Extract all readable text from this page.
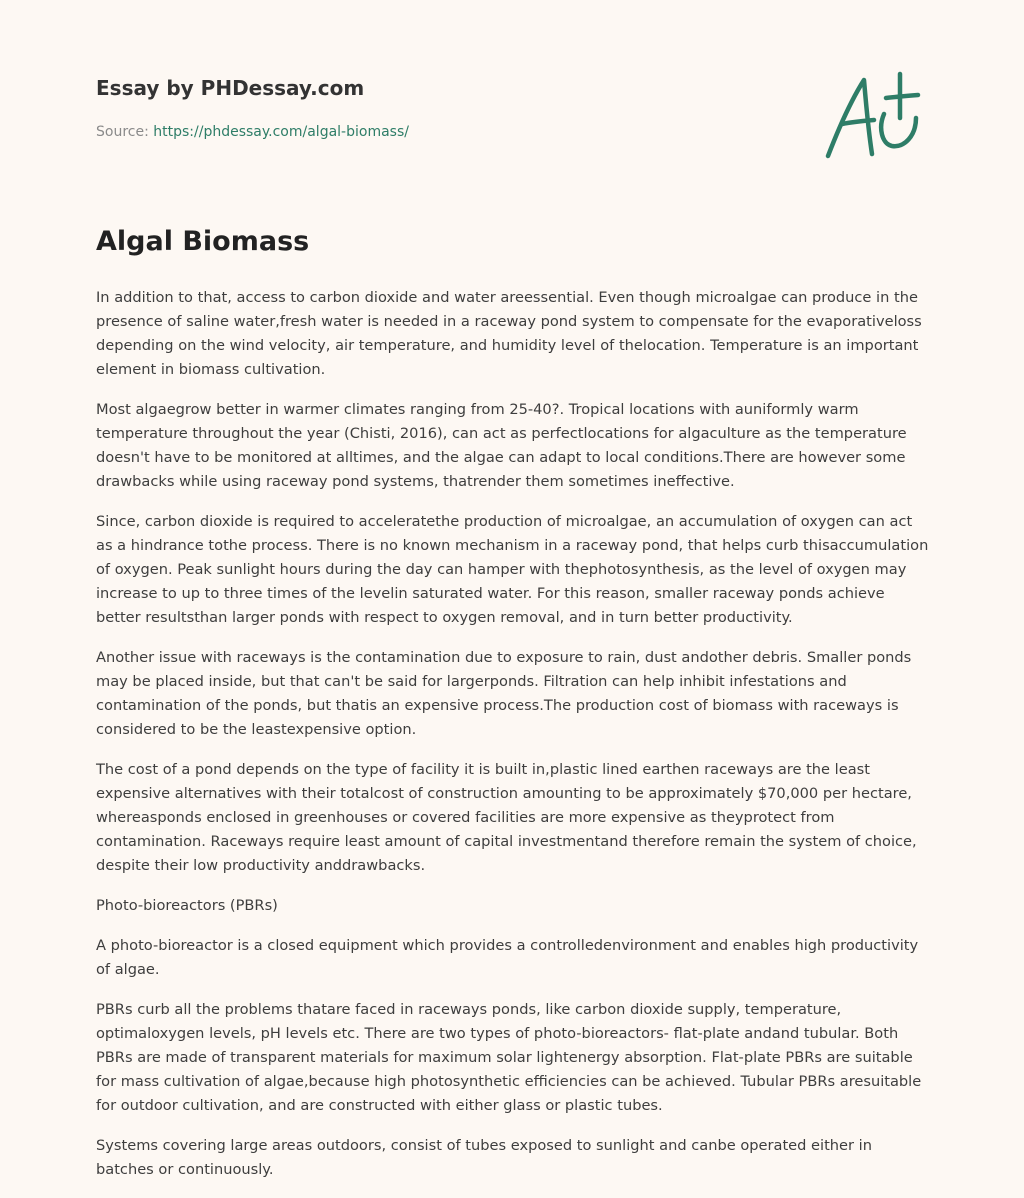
Essay by PHDessay.com
Source: https://phdessay.com/algal-biomass/
Algal Biomass

In addition to that, access to carbon dioxide and water areessential. Even though microalgae can produce in the presence of saline water,fresh water is needed in a raceway pond system to compensate for the evaporativeloss depending on the wind velocity, air temperature, and humidity level of thelocation. Temperature is an important element in biomass cultivation.

Most algaegrow better in warmer climates ranging from 25-40?. Tropical locations with auniformly warm temperature throughout the year (Chisti, 2016), can act as perfectlocations for algaculture as the temperature doesn't have to be monitored at alltimes, and the algae can adapt to local conditions.There are however some drawbacks while using raceway pond systems, thatrender them sometimes ineffective.

Since, carbon dioxide is required to acceleratethe production of microalgae, an accumulation of oxygen can act as a hindrance tothe process. There is no known mechanism in a raceway pond, that helps curb thisaccumulation of oxygen. Peak sunlight hours during the day can hamper with thephotosynthesis, as the level of oxygen may increase to up to three times of the levelin saturated water. For this reason, smaller raceway ponds achieve better resultsthan larger ponds with respect to oxygen removal, and in turn better productivity.

Another issue with raceways is the contamination due to exposure to rain, dust andother debris. Smaller ponds may be placed inside, but that can't be said for largerponds. Filtration can help inhibit infestations and contamination of the ponds, but thatis an expensive process.The production cost of biomass with raceways is considered to be the leastexpensive option.

The cost of a pond depends on the type of facility it is built in,plastic lined earthen raceways are the least expensive alternatives with their totalcost of construction amounting to be approximately $70,000 per hectare, whereasponds enclosed in greenhouses or covered facilities are more expensive as theyprotect from contamination. Raceways require least amount of capital investmentand therefore remain the system of choice, despite their low productivity anddrawbacks.

Photo-bioreactors (PBRs)

A photo-bioreactor is a closed equipment which provides a controlledenvironment and enables high productivity of algae.

PBRs curb all the problems thatare faced in raceways ponds, like carbon dioxide supply, temperature, optimaloxygen levels, pH levels etc. There are two types of photo-bioreactors- flat-plate andand tubular. Both PBRs are made of transparent materials for maximum solar lightenergy absorption. Flat-plate PBRs are suitable for mass cultivation of algae,because high photosynthetic efficiencies can be achieved. Tubular PBRs aresuitable for outdoor cultivation, and are constructed with either glass or plastic tubes.

Systems covering large areas outdoors, consist of tubes exposed to sunlight and canbe operated either in batches or continuously.
